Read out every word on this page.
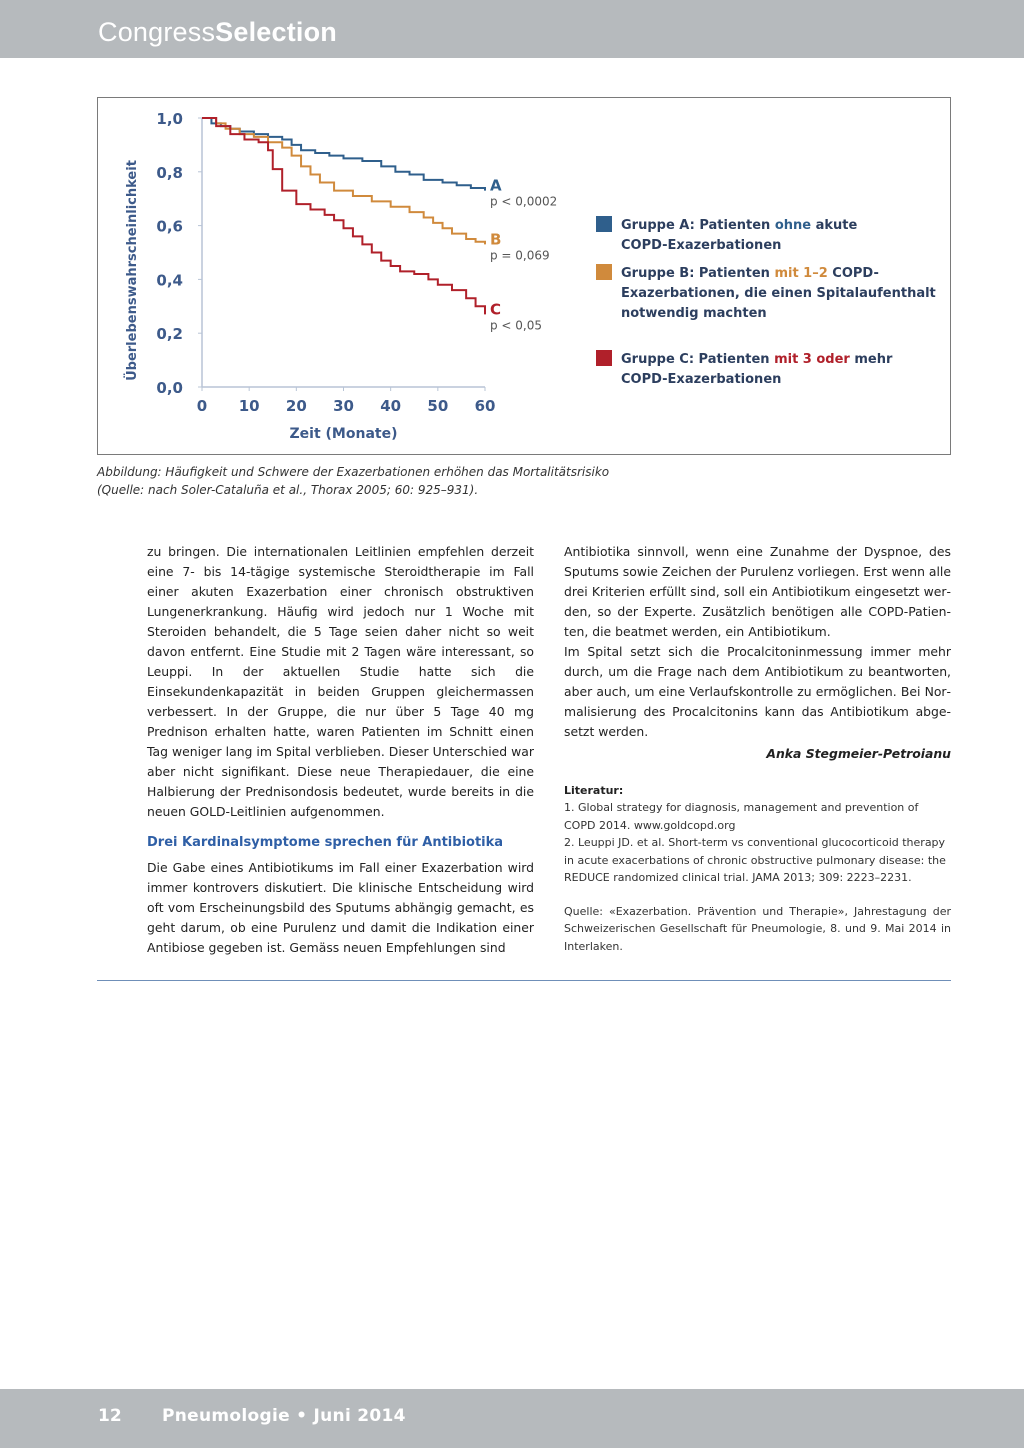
CongressSelection
0 10 20 30 40 50 60
0,0
0,2
0,4
0,6
0,8
1,0
Zeit (Monate)
Überlebenswahrscheinlichkeit	A
p < 0,0002
B
p = 0,069
C
p < 0,05
Gruppe A: Patienten ohne akute
COPD-Exazerbationen
Gruppe B: Patienten mit 1–2 COPD-
Exazerbationen, die einen Spitalaufenthalt
notwendig machten
Gruppe C: Patienten mit 3 oder mehr
COPD-Exazerbationen
Abbildung: Häufigkeit und Schwere der Exazerbationen erhöhen das Mortalitätsrisiko
(Quelle: nach Soler-Cataluña et al., Thorax 2005; 60: 925–931).

zu bringen. Die internationalen Leitlinien empfehlen derzeit eine 7- bis 14-tägige systemische Steroidtherapie im Fall einer akuten Exazerbation einer chronisch obstruktiven Lungenerkrankung. Häufig wird jedoch nur 1 Woche mit Steroiden behandelt, die 5 Tage seien daher nicht so weit davon entfernt. Eine Studie mit 2 Tagen wäre interessant, so Leuppi. In der aktuellen Studie hatte sich die Einsekundenkapazität in beiden Gruppen gleichermassen verbessert. In der Gruppe, die nur über 5 Tage 40 mg Prednison erhalten hatte, waren Patienten im Schnitt einen Tag weniger lang im Spital verblieben. Dieser Unterschied war aber nicht signifikant. Diese neue Therapiedauer, die eine Halbierung der Prednisondosis bedeutet, wurde bereits in die neuen GOLD-Leitlinien aufgenommen.

Drei Kardinalsymptome sprechen für Antibiotika

Die Gabe eines Antibiotikums im Fall einer Exazerbation wird immer kontrovers diskutiert. Die klinische Entscheidung wird oft vom Erscheinungsbild des Sputums abhängig gemacht, es geht darum, ob eine Purulenz und damit die Indikation einer Antibiose gegeben ist. Gemäss neuen Empfehlungen sind

Antibiotika sinnvoll, wenn eine Zunahme der Dyspnoe, des Sputums sowie Zeichen der Purulenz vorliegen. Erst wenn alle drei Kriterien erfüllt sind, soll ein Antibiotikum eingesetzt werden, so der Experte. Zusätzlich benötigen alle COPD-Patienten, die beatmet werden, ein Antibiotikum.

Im Spital setzt sich die Procalcitoninmessung immer mehr durch, um die Frage nach dem Antibiotikum zu beantworten, aber auch, um eine Verlaufskontrolle zu ermöglichen. Bei Normalisierung des Procalcitonins kann das Antibiotikum abgesetzt werden.

Anka Stegmeier-Petroianu
Literatur:
1. Global strategy for diagnosis, management and prevention of COPD 2014. www.goldcopd.org
2. Leuppi JD. et al. Short-term vs conventional glucocorticoid therapy in acute exacerbations of chronic obstructive pulmonary disease: the REDUCE randomized clinical trial. JAMA 2013; 309: 2223–2231.
Quelle: «Exazerbation. Prävention und Therapie», Jahrestagung der Schweizerischen Gesellschaft für Pneumologie, 8. und 9. Mai 2014 in Interlaken.
12 Pneumologie • Juni 2014
